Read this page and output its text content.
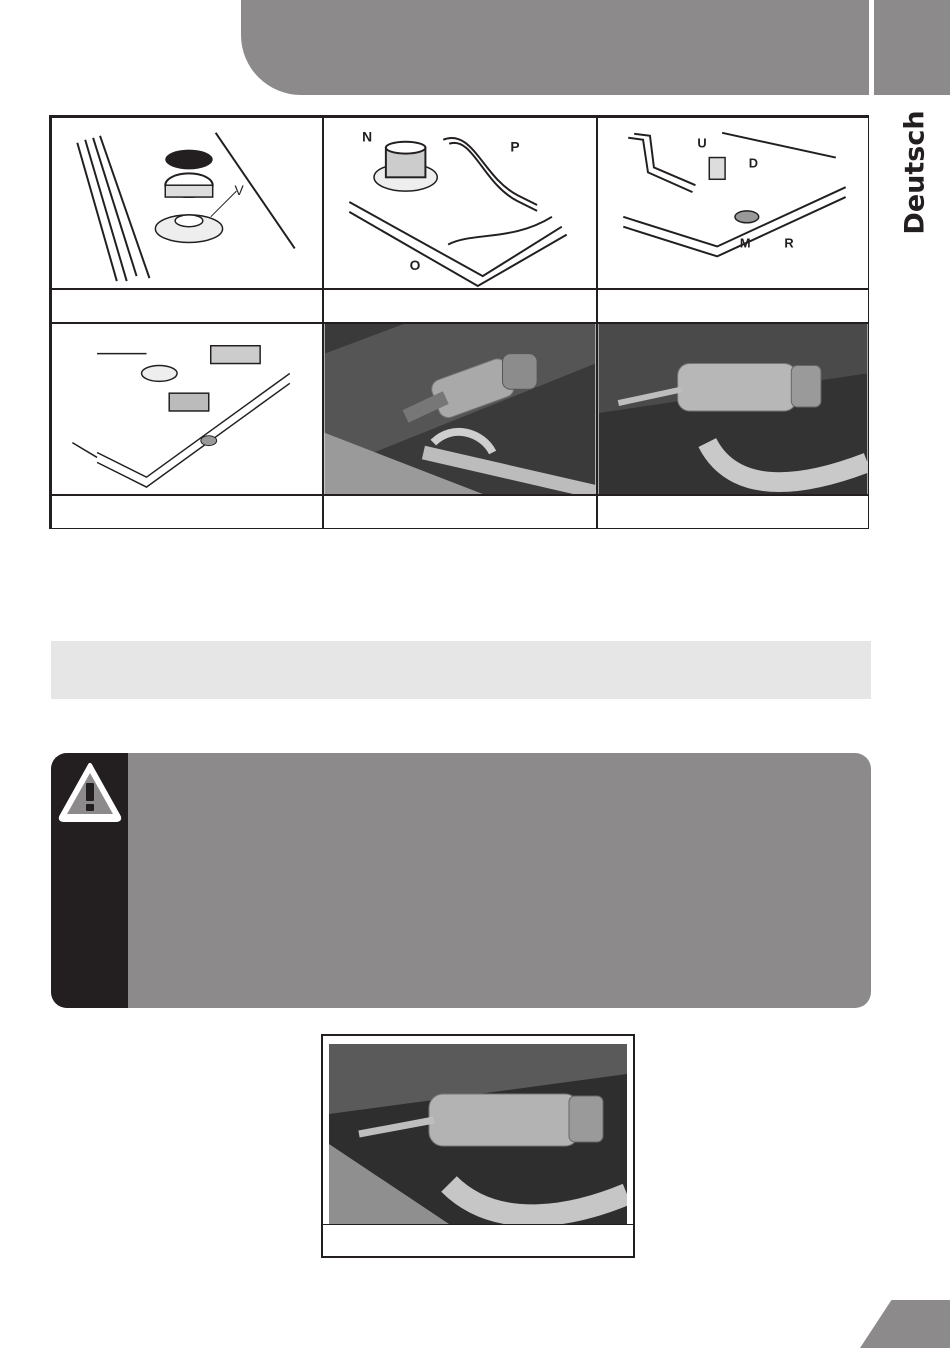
Deutsch
V
N
P
O
U
D
M	R
